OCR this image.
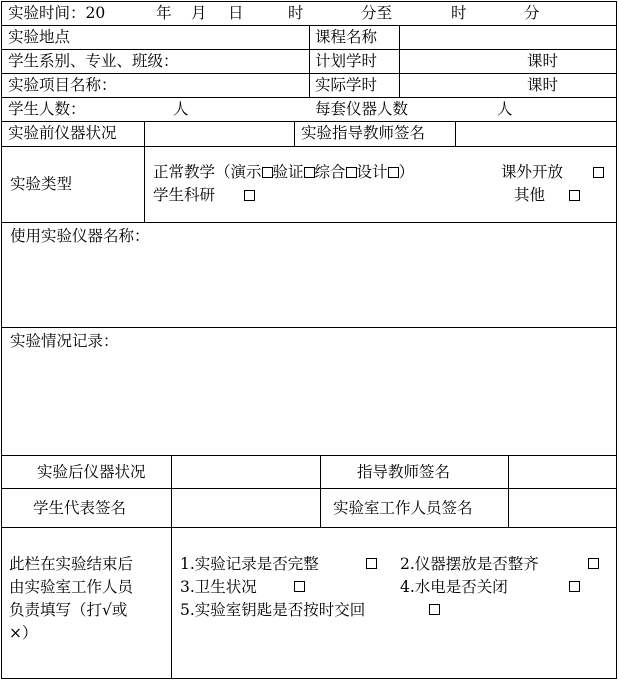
实验时间：20	年 月 日	时	分至	时	分
实验地点	课程名称
学生系别、专业、班级：	计划学时	课时
实验项目名称：	实际学时	课时
学生人数：	人	每套仪器人数	人
实验前仪器状况	实验指导教师签名
实验类型
正常教学（演示 验证 综合 设计 ）	课外开放
学生科研	其他
使用实验仪器名称：
实验情况记录：
实验后仪器状况	指导教师签名
学生代表签名	实验室工作人员签名
此栏在实验结束后
由实验室工作人员
负责填写（打√或
×）
1.实验记录是否完整	2.仪器摆放是否整齐
3.卫生状况	4.水电是否关闭
5.实验室钥匙是否按时交回
